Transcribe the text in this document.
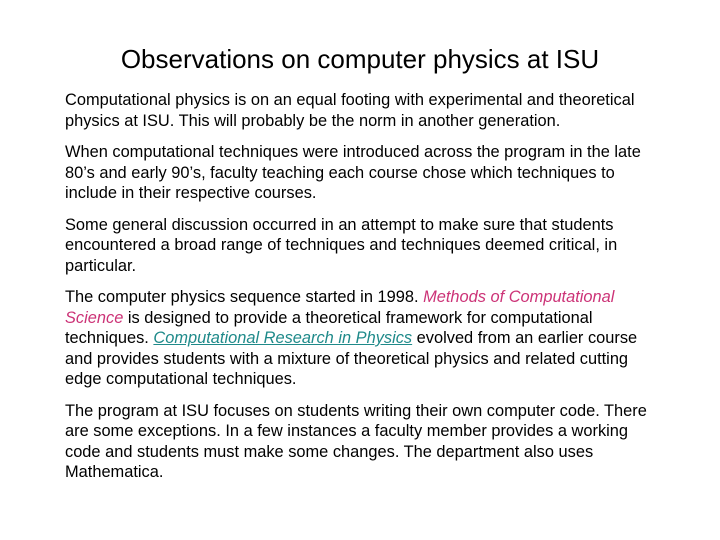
Observations on computer physics at ISU

Computational physics is on an equal footing with experimental and theoretical physics at ISU. This will probably be the norm in another generation.

When computational techniques were introduced across the program in the late 80’s and early 90’s, faculty teaching each course chose which techniques to include in their respective courses.

Some general discussion occurred in an attempt to make sure that students encountered a broad range of techniques and techniques deemed critical, in particular.

The computer physics sequence started in 1998. Methods of Computational Science is designed to provide a theoretical framework for computational techniques. Computational Research in Physics evolved from an earlier course and provides students with a mixture of theoretical physics and related cutting edge computational techniques.

The program at ISU focuses on students writing their own computer code. There are some exceptions. In a few instances a faculty member provides a working code and students must make some changes. The department also uses Mathematica.
